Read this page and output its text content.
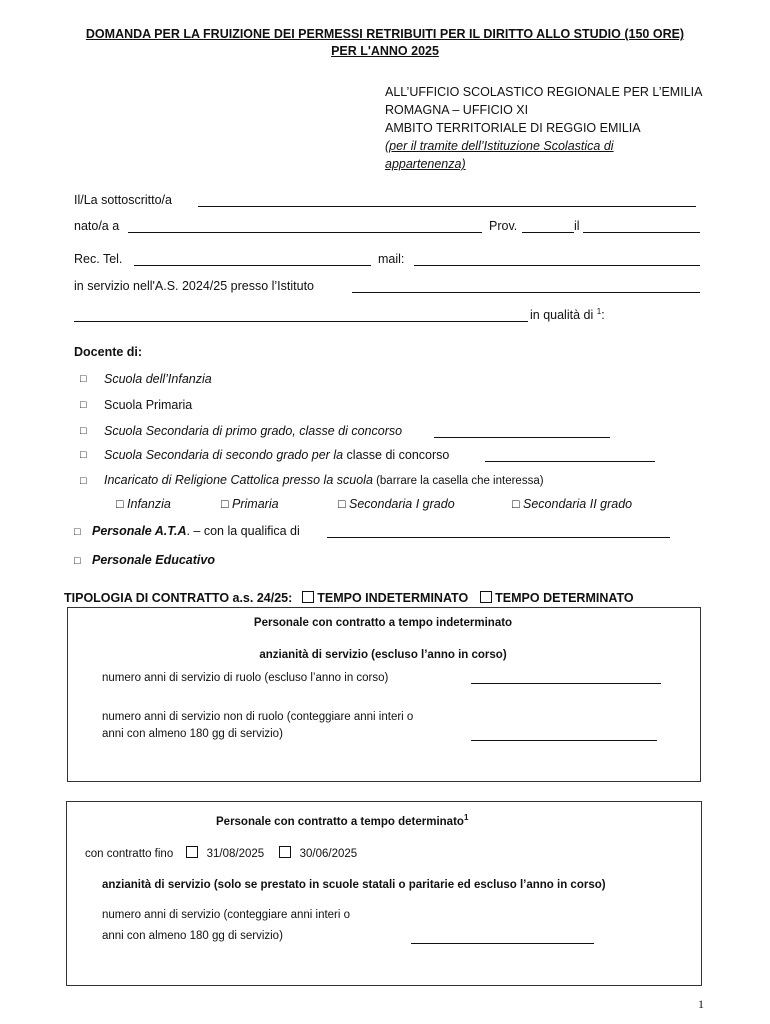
DOMANDA PER LA FRUIZIONE DEI PERMESSI RETRIBUITI PER IL DIRITTO ALLO STUDIO (150 ORE)
PER L'ANNO 2025
ALL’UFFICIO SCOLASTICO REGIONALE PER L’EMILIA
ROMAGNA – UFFICIO XI
AMBITO TERRITORIALE DI REGGIO EMILIA
(per il tramite dell’Istituzione Scolastica di
appartenenza)
Il/La sottoscritto/a
nato/a a	Prov.	il
Rec. Tel.	mail:
in servizio nell'A.S. 2024/25 presso l’Istituto
in qualità di $^1$:
Docente di:
□ Scuola dell’Infanzia
□ Scuola Primaria
□ Scuola Secondaria di primo grado, classe di concorso
□ Scuola Secondaria di secondo grado per la classe di concorso
□ Incaricato di Religione Cattolica presso la scuola (barrare la casella che interessa)
□ Infanzia	□ Primaria	□ Secondaria I grado	□ Secondaria II grado
□ Personale A.T.A. – con la qualifica di
□ Personale Educativo
TIPOLOGIA DI CONTRATTO a.s. 24/25: TEMPO INDETERMINATO TEMPO DETERMINATO
Personale con contratto a tempo indeterminato
anzianità di servizio (escluso l’anno in corso)
numero anni di servizio di ruolo (escluso l’anno in corso)
numero anni di servizio non di ruolo (conteggiare anni interi o
anni con almeno 180 gg di servizio)
Personale con contratto a tempo determinato$^1$
con contratto fino	31/08/2025	30/06/2025
anzianità di servizio (solo se prestato in scuole statali o paritarie ed escluso l’anno in corso)
numero anni di servizio (conteggiare anni interi o
anni con almeno 180 gg di servizio)
1
